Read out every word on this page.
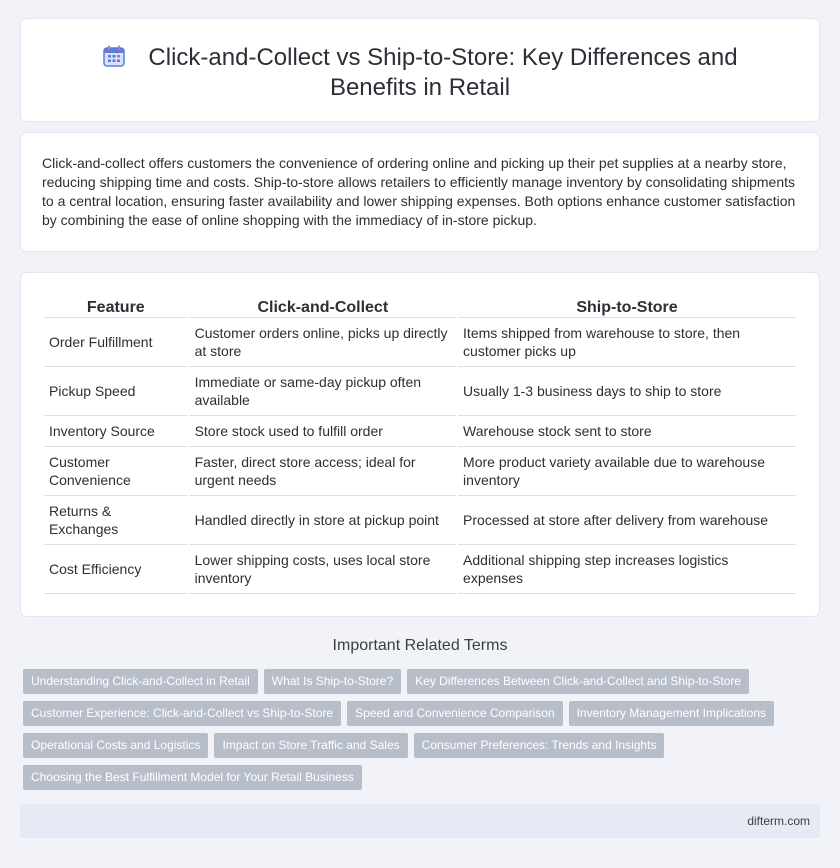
Click-and-Collect vs Ship-to-Store: Key Differences and Benefits in Retail

Click-and-collect offers customers the convenience of ordering online and picking up their pet supplies at a nearby store, reducing shipping time and costs. Ship-to-store allows retailers to efficiently manage inventory by consolidating shipments to a central location, ensuring faster availability and lower shipping expenses. Both options enhance customer satisfaction by combining the ease of online shopping with the immediacy of in-store pickup.

Feature	Click-and-Collect	Ship-to-Store
Order Fulfillment	Customer orders online, picks up directly at store	Items shipped from warehouse to store, then customer picks up
Pickup Speed	Immediate or same-day pickup often available	Usually 1-3 business days to ship to store
Inventory Source	Store stock used to fulfill order	Warehouse stock sent to store
Customer Convenience	Faster, direct store access; ideal for urgent needs	More product variety available due to warehouse inventory
Returns & Exchanges	Handled directly in store at pickup point	Processed at store after delivery from warehouse
Cost Efficiency	Lower shipping costs, uses local store inventory	Additional shipping step increases logistics expenses
Important Related Terms
Understanding Click-and-Collect in Retail What Is Ship-to-Store? Key Differences Between Click-and-Collect and Ship-to-Store
Customer Experience: Click-and-Collect vs Ship-to-Store Speed and Convenience Comparison Inventory Management Implications
Operational Costs and Logistics Impact on Store Traffic and Sales Consumer Preferences: Trends and Insights
Choosing the Best Fulfillment Model for Your Retail Business
difterm.com
